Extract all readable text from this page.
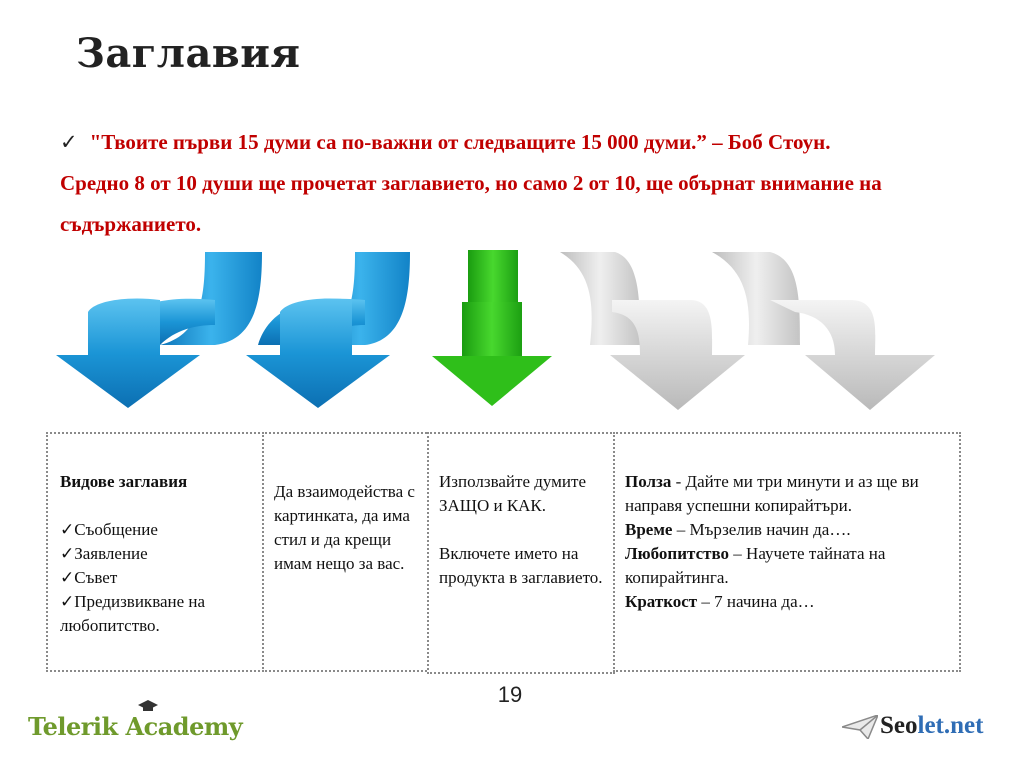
Заглавия
✓ "Твоите първи 15 думи са по-важни от следващите 15 000 думи.” – Боб Стоун. Средно 8 от 10 души ще прочетат заглавието, но само 2 от 10, ще обърнат внимание на съдържанието.

Видове заглавия

✓Съобщение

✓Заявление

✓Съвет

✓Предизвикване на любопитство.

Да взаимодейства с картинката, да има стил и да крещи имам нещо за вас.

Използвайте думите ЗАЩО и КАК.

Включете името на продукта в заглавието.

Полза - Дайте ми три минути и аз ще ви направя успешни копирайтъри.

Време – Мързелив начин да….

Любопитство – Научете тайната на копирайтинга.

Краткост – 7 начина да…

19
Telerik Academy	Seolet.net
